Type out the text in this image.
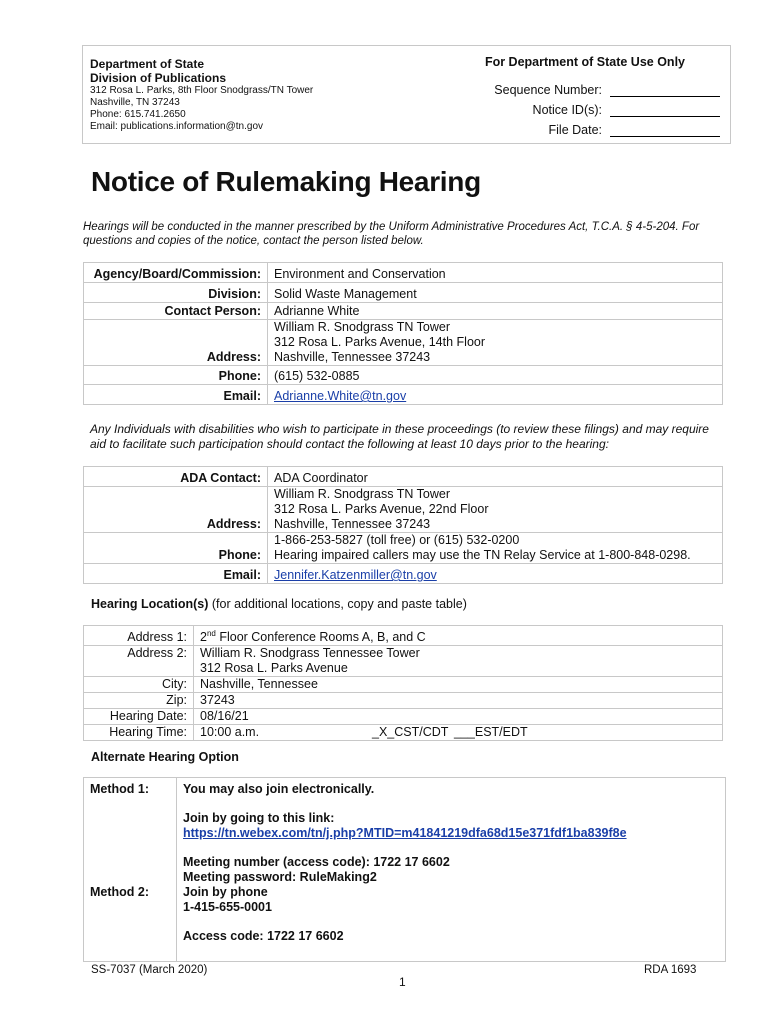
Department of State
Division of Publications
312 Rosa L. Parks, 8th Floor Snodgrass/TN Tower
Nashville, TN 37243
Phone: 615.741.2650
Email: publications.information@tn.gov
For Department of State Use Only
Sequence Number:
Notice ID(s):
File Date:
Notice of Rulemaking Hearing
Hearings will be conducted in the manner prescribed by the Uniform Administrative Procedures Act, T.C.A. § 4-5-204. For questions and copies of the notice, contact the person listed below.
Agency/Board/Commission:	Environment and Conservation
Division:	Solid Waste Management
Contact Person:	Adrianne White
Address:	William R. Snodgrass TN Tower
312 Rosa L. Parks Avenue, 14th Floor
Nashville, Tennessee 37243

Phone:	(615) 532-0885
Email:	Adrianne.White@tn.gov
Any Individuals with disabilities who wish to participate in these proceedings (to review these filings) and may require aid to facilitate such participation should contact the following at least 10 days prior to the hearing:
ADA Contact:	ADA Coordinator
Address:	William R. Snodgrass TN Tower
312 Rosa L. Parks Avenue, 22nd Floor
Nashville, Tennessee 37243

Phone:	1-866-253-5827 (toll free) or (615) 532-0200
Hearing impaired callers may use the TN Relay Service at 1-800-848-0298.

Email:	Jennifer.Katzenmiller@tn.gov
Hearing Location(s) (for additional locations, copy and paste table)
Address 1:	2nd Floor Conference Rooms A, B, and C
Address 2:	William R. Snodgrass Tennessee Tower
312 Rosa L. Parks Avenue

City:	Nashville, Tennessee
Zip:	37243
Hearing Date:	08/16/21
Hearing Time:	10:00 a.m. _X_CST/CDT ___EST/EDT
Alternate Hearing Option
Method 1:	You may also join electronically.
Join by going to this link:
https://tn.webex.com/tn/j.php?MTID=m41841219dfa68d15e371fdf1ba839f8e
Meeting number (access code): 1722 17 6602
Meeting password: RuleMaking2

Method 2:	Join by phone
1-415-655-0001
Access code: 1722 17 6602
SS-7037 (March 2020)	RDA 1693
1
